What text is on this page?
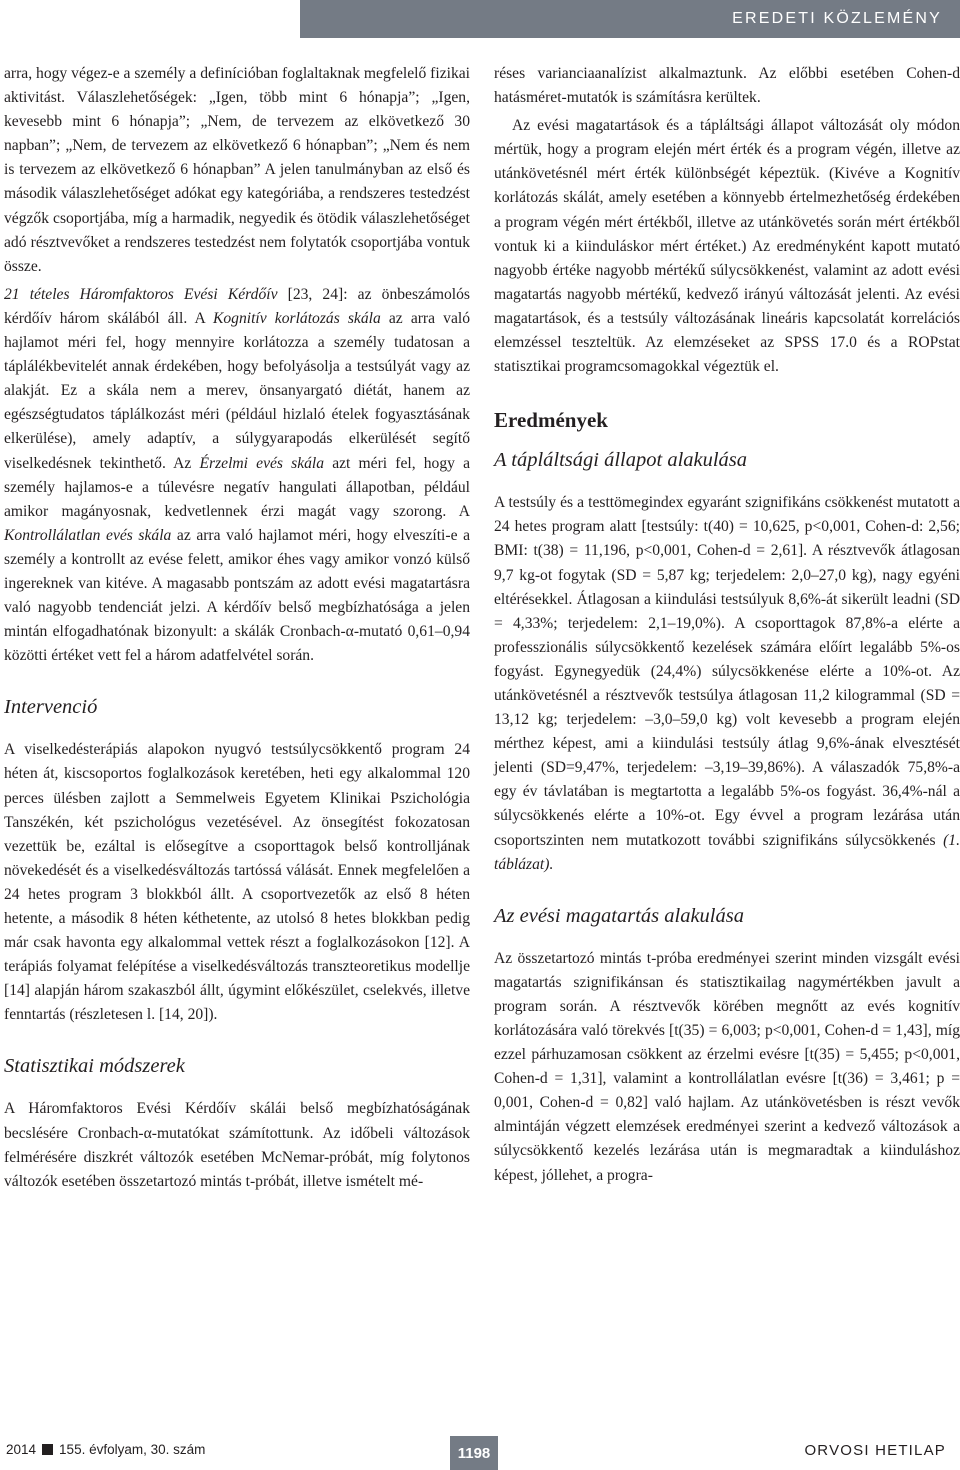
EREDETI KÖZLEMÉNY

arra, hogy végez-e a személy a definícióban foglaltaknak megfelelő fizikai aktivitást. Válaszlehetőségek: „Igen, több mint 6 hónapja”; „Igen, kevesebb mint 6 hónapja”; „Nem, de tervezem az elkövetkező 30 napban”; „Nem, de tervezem az elkövetkező 6 hónapban”; „Nem és nem is tervezem az elkövetkező 6 hónapban” A jelen tanulmányban az első és második válaszlehetőséget adókat egy kategóriába, a rendszeres testedzést végzők csoportjába, míg a harmadik, negyedik és ötödik válaszlehetőséget adó résztvevőket a rendszeres testedzést nem folytatók csoportjába vontuk össze.

21 tételes Háromfaktoros Evési Kérdőív [23, 24]: az önbeszámolós kérdőív három skálából áll. A Kognitív korlátozás skála az arra való hajlamot méri fel, hogy mennyire korlátozza a személy tudatosan a táplálékbevitelét annak érdekében, hogy befolyásolja a testsúlyát vagy az alakját. Ez a skála nem a merev, önsanyargató diétát, hanem az egészségtudatos táplálkozást méri (például hizlaló ételek fogyasztásának elkerülése), amely adaptív, a súlygyarapodás elkerülését segítő viselkedésnek tekinthető. Az Érzelmi evés skála azt méri fel, hogy a személy hajlamos-e a túlevésre negatív hangulati állapotban, például amikor magányosnak, kedvetlennek érzi magát vagy szorong. A Kontrollálatlan evés skála az arra való hajlamot méri, hogy elveszíti-e a személy a kontrollt az evése felett, amikor éhes vagy amikor vonzó külső ingereknek van kitéve. A magasabb pontszám az adott evési magatartásra való nagyobb tendenciát jelzi. A kérdőív belső megbízhatósága a jelen mintán elfogadhatónak bizonyult: a skálák Cronbach-α-mutató 0,61–0,94 közötti értéket vett fel a három adatfelvétel során.

Intervenció

A viselkedésterápiás alapokon nyugvó testsúlycsökkentő program 24 héten át, kiscsoportos foglalkozások keretében, heti egy alkalommal 120 perces ülésben zajlott a Semmelweis Egyetem Klinikai Pszichológia Tanszékén, két pszichológus vezetésével. Az önsegítést fokozatosan vezettük be, ezáltal is elősegítve a csoporttagok belső kontrolljának növekedését és a viselkedésváltozás tartóssá válását. Ennek megfelelően a 24 hetes program 3 blokkból állt. A csoportvezetők az első 8 héten hetente, a második 8 héten kéthetente, az utolsó 8 hetes blokkban pedig már csak havonta egy alkalommal vettek részt a foglalkozásokon [12]. A terápiás folyamat felépítése a viselkedésváltozás transzteoretikus modellje [14] alapján három szakaszból állt, úgymint előkészület, cselekvés, illetve fenntartás (részletesen l. [14, 20]).

Statisztikai módszerek

A Háromfaktoros Evési Kérdőív skálái belső megbízhatóságának becslésére Cronbach-α-mutatókat számítottunk. Az időbeli változások felmérésére diszkrét változók esetében McNemar-próbát, míg folytonos változók esetében összetartozó mintás t-próbát, illetve ismételt mé-

réses varianciaanalízist alkalmaztunk. Az előbbi esetében Cohen-d hatásméret-mutatók is számításra kerültek.

Az evési magatartások és a tápláltsági állapot változását oly módon mértük, hogy a program elején mért érték és a program végén, illetve az utánkövetésnél mért érték különbségét képeztük. (Kivéve a Kognitív korlátozás skálát, amely esetében a könnyebb értelmezhetőség érdekében a program végén mért értékből, illetve az utánkövetés során mért értékből vontuk ki a kiinduláskor mért értéket.) Az eredményként kapott mutató nagyobb értéke nagyobb mértékű súlycsökkenést, valamint az adott evési magatartás nagyobb mértékű, kedvező irányú változását jelenti. Az evési magatartások, és a testsúly változásának lineáris kapcsolatát korrelációs elemzéssel teszteltük. Az elemzéseket az SPSS 17.0 és a ROPstat statisztikai programcsomagokkal végeztük el.

Eredmények
A tápláltsági állapot alakulása

A testsúly és a testtömegindex egyaránt szignifikáns csökkenést mutatott a 24 hetes program alatt [testsúly: t(40) = 10,625, p<0,001, Cohen-d: 2,56; BMI: t(38) = 11,196, p<0,001, Cohen-d = 2,61]. A résztvevők átlagosan 9,7 kg-ot fogytak (SD = 5,87 kg; terjedelem: 2,0–27,0 kg), nagy egyéni eltérésekkel. Átlagosan a kiindulási testsúlyuk 8,6%-át sikerült leadni (SD = 4,33%; terjedelem: 2,1–19,0%). A csoporttagok 87,8%-a elérte a professzionális súlycsökkentő kezelések számára előírt legalább 5%-os fogyást. Egynegyedük (24,4%) súlycsökkenése elérte a 10%-ot. Az utánkövetésnél a résztvevők testsúlya átlagosan 11,2 kilogrammal (SD = 13,12 kg; terjedelem: –3,0–59,0 kg) volt kevesebb a program elején mérthez képest, ami a kiindulási testsúly átlag 9,6%-ának elvesztését jelenti (SD=9,47%, terjedelem: –3,19–39,86%). A válaszadók 75,8%-a egy év távlatában is megtartotta a legalább 5%-os fogyást. 36,4%-nál a súlycsökkenés elérte a 10%-ot. Egy évvel a program lezárása után csoportszinten nem mutatkozott további szignifikáns súlycsökkenés (1. táblázat).

Az evési magatartás alakulása

Az összetartozó mintás t-próba eredményei szerint minden vizsgált evési magatartás szignifikánsan és statisztikailag nagymértékben javult a program során. A résztvevők körében megnőtt az evés kognitív korlátozására való törekvés [t(35) = 6,003; p<0,001, Cohen-d = 1,43], míg ezzel párhuzamosan csökkent az érzelmi evésre [t(35) = 5,455; p<0,001, Cohen-d = 1,31], valamint a kontrollálatlan evésre [t(36) = 3,461; p = 0,001, Cohen-d = 0,82] való hajlam. Az utánkövetésben is részt vevők almintáján végzett elemzések eredményei szerint a kedvező változások a súlycsökkentő kezelés lezárása után is megmaradtak a kiinduláshoz képest, jóllehet, a progra-

2014 155. évfolyam, 30. szám	1198	ORVOSI HETILAP
